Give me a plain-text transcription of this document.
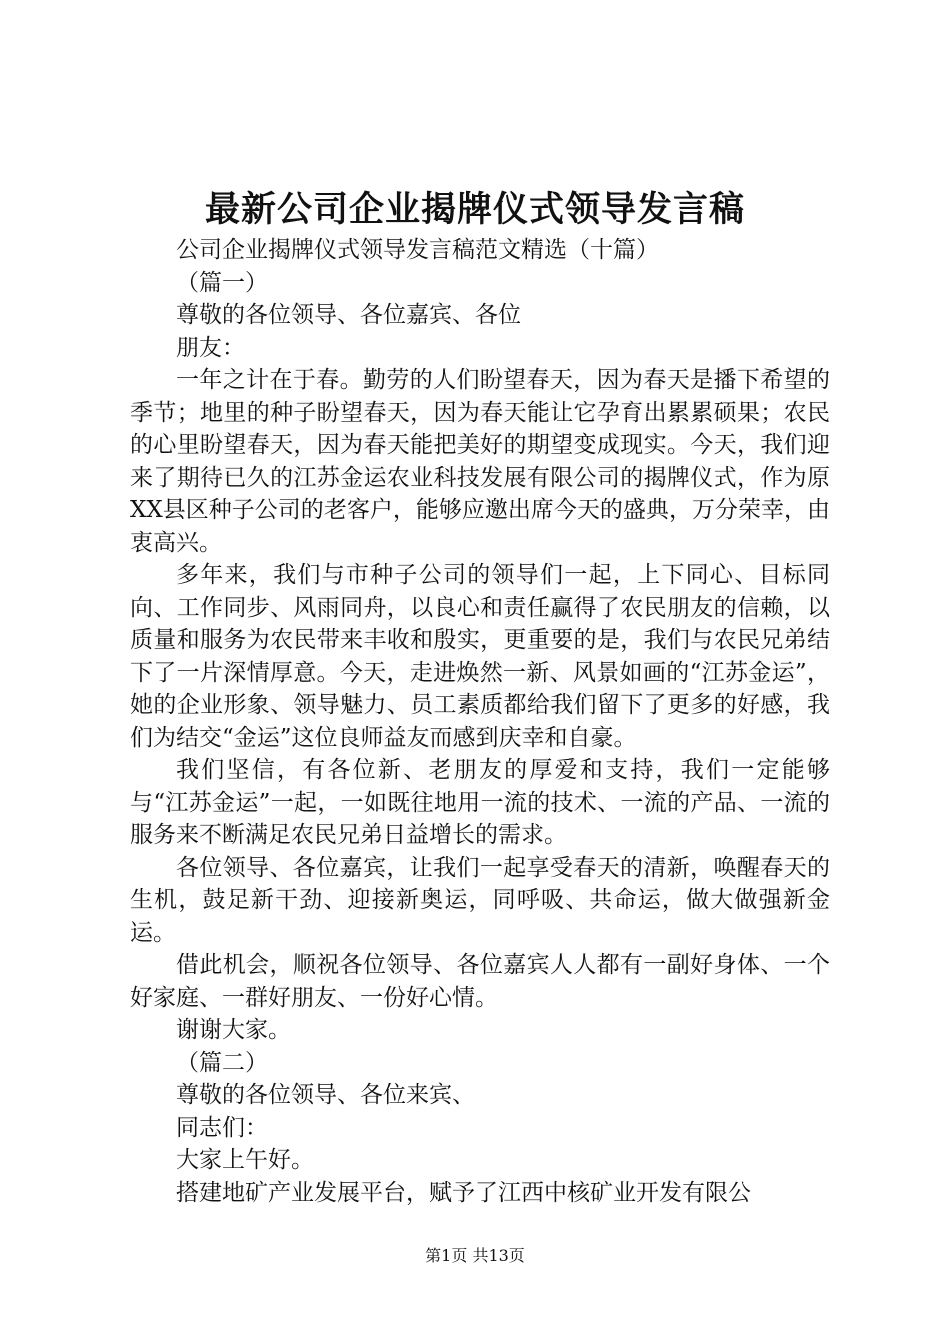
最新公司企业揭牌仪式领导发言稿

公司企业揭牌仪式领导发言稿范文精选（十篇）

（篇一）

尊敬的各位领导、各位嘉宾、各位

朋友：

一年之计在于春。勤劳的人们盼望春天，因为春天是播下希望的季节；地里的种子盼望春天，因为春天能让它孕育出累累硕果；农民的心里盼望春天，因为春天能把美好的期望变成现实。今天，我们迎来了期待已久的江苏金运农业科技发展有限公司的揭牌仪式，作为原XX县区种子公司的老客户，能够应邀出席今天的盛典，万分荣幸，由衷高兴。

多年来，我们与市种子公司的领导们一起，上下同心、目标同向、工作同步、风雨同舟，以良心和责任赢得了农民朋友的信赖，以质量和服务为农民带来丰收和殷实，更重要的是，我们与农民兄弟结下了一片深情厚意。今天，走进焕然一新、风景如画的“江苏金运”，她的企业形象、领导魅力、员工素质都给我们留下了更多的好感，我们为结交“金运”这位良师益友而感到庆幸和自豪。

我们坚信，有各位新、老朋友的厚爱和支持，我们一定能够与“江苏金运”一起，一如既往地用一流的技术、一流的产品、一流的服务来不断满足农民兄弟日益增长的需求。

各位领导、各位嘉宾，让我们一起享受春天的清新，唤醒春天的生机，鼓足新干劲、迎接新奥运，同呼吸、共命运，做大做强新金运。

借此机会，顺祝各位领导、各位嘉宾人人都有一副好身体、一个好家庭、一群好朋友、一份好心情。

谢谢大家。

（篇二）

尊敬的各位领导、各位来宾、

同志们：

大家上午好。

搭建地矿产业发展平台，赋予了江西中核矿业开发有限公

第1页 共13页
